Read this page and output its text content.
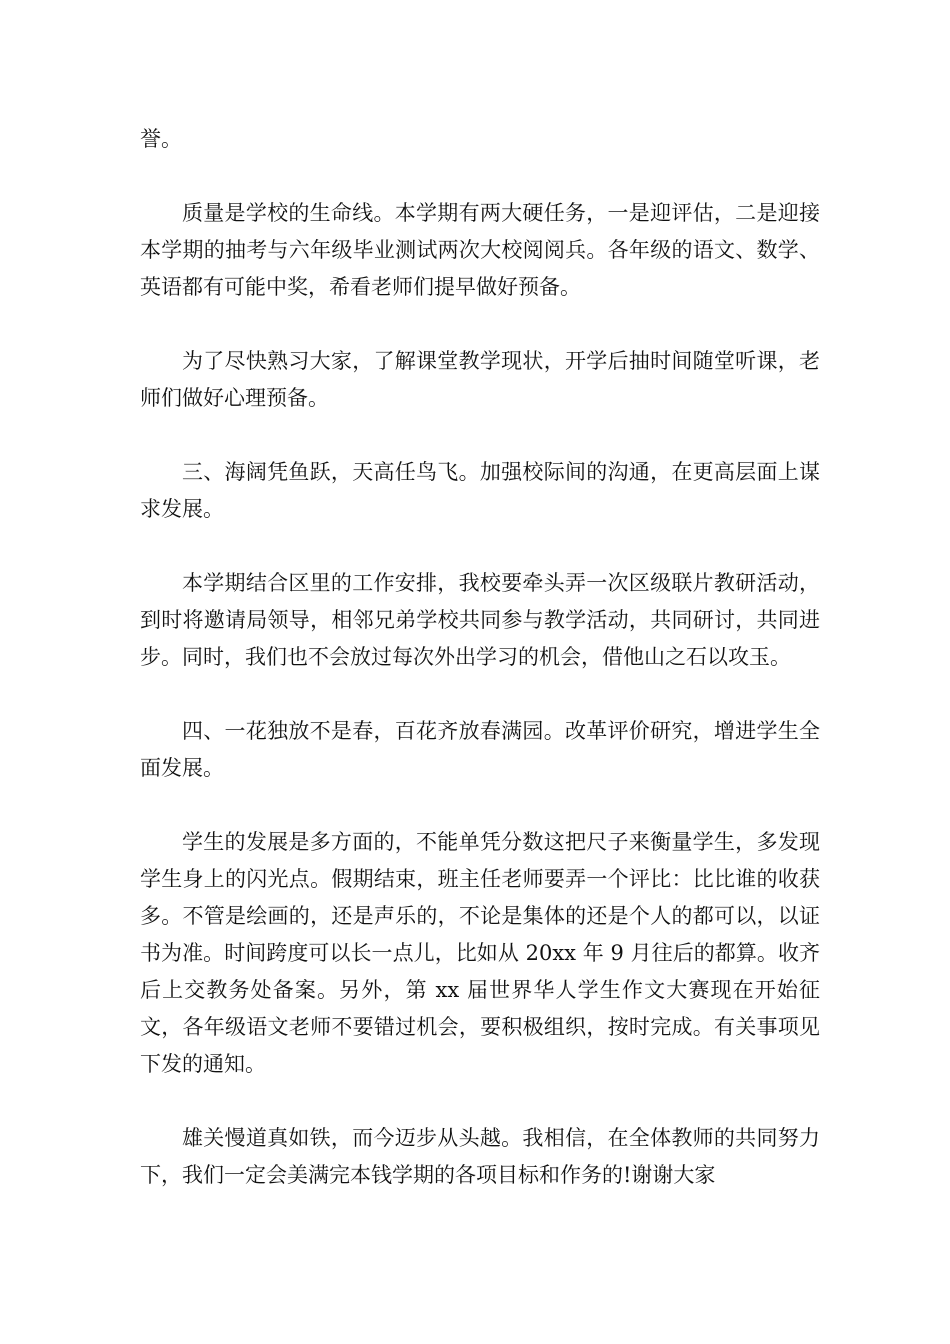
誉。

质量是学校的生命线。本学期有两大硬任务，一是迎评估，二是迎接本学期的抽考与六年级毕业测试两次大校阅阅兵。各年级的语文、数学、英语都有可能中奖，希看老师们提早做好预备。

为了尽快熟习大家，了解课堂教学现状，开学后抽时间随堂听课，老师们做好心理预备。

三、海阔凭鱼跃，天高任鸟飞。加强校际间的沟通，在更高层面上谋求发展。

本学期结合区里的工作安排，我校要牵头弄一次区级联片教研活动，到时将邀请局领导，相邻兄弟学校共同参与教学活动，共同研讨，共同进步。同时，我们也不会放过每次外出学习的机会，借他山之石以攻玉。

四、一花独放不是春，百花齐放春满园。改革评价研究，增进学生全面发展。

学生的发展是多方面的，不能单凭分数这把尺子来衡量学生，多发现学生身上的闪光点。假期结束，班主任老师要弄一个评比：比比谁的收获多。不管是绘画的，还是声乐的，不论是集体的还是个人的都可以，以证书为准。时间跨度可以长一点儿，比如从 20xx 年 9 月往后的都算。收齐后上交教务处备案。另外，第 xx 届世界华人学生作文大赛现在开始征文，各年级语文老师不要错过机会，要积极组织，按时完成。有关事项见下发的通知。

雄关慢道真如铁，而今迈步从头越。我相信，在全体教师的共同努力下，我们一定会美满完本钱学期的各项目标和作务的!谢谢大家
